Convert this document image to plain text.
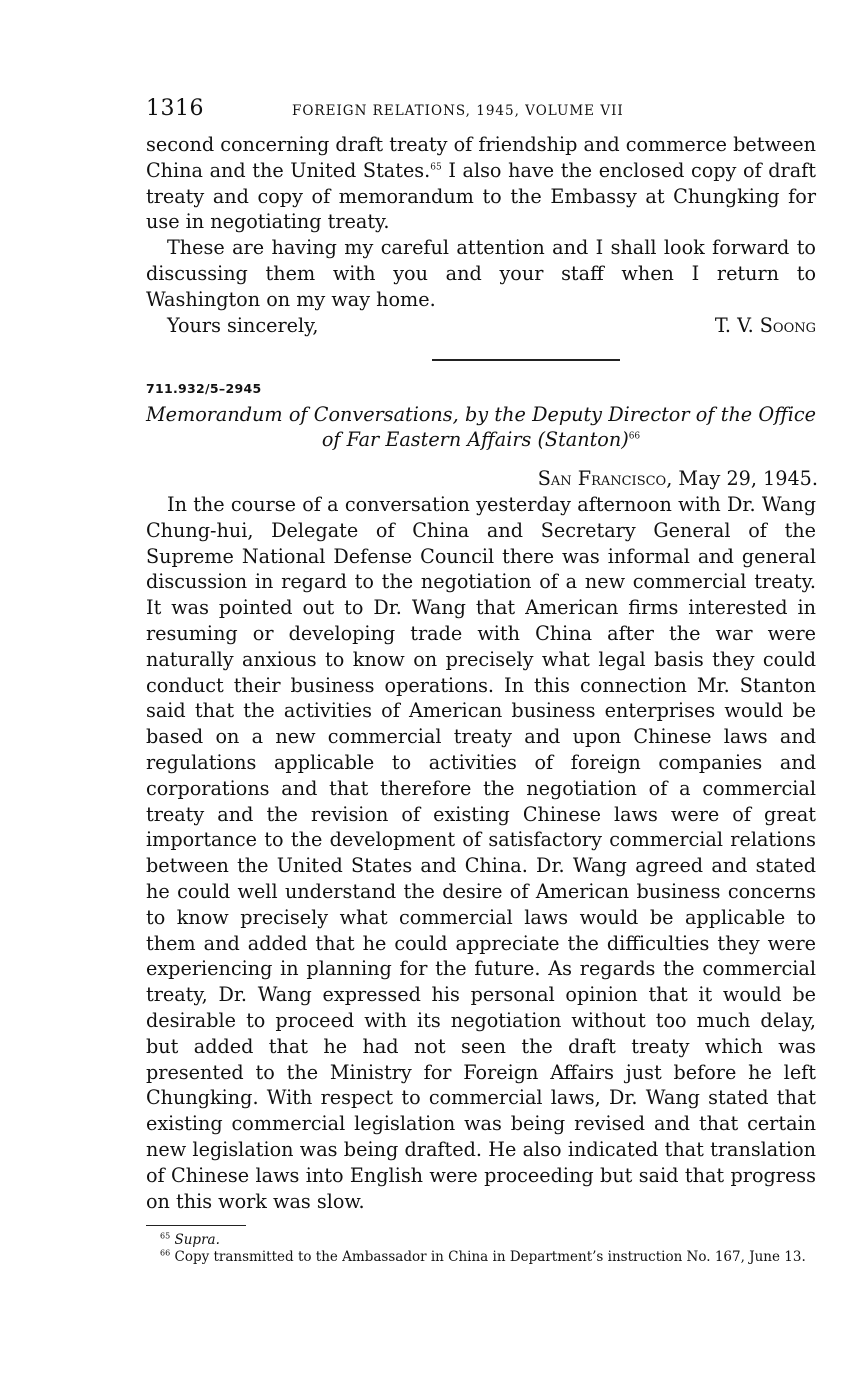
1316	FOREIGN RELATIONS, 1945, VOLUME VII

second concerning draft treaty of friendship and commerce between China and the United States.$^{65}$ I also have the enclosed copy of draft treaty and copy of memorandum to the Embassy at Chungking for use in negotiating treaty.

These are having my careful attention and I shall look forward to discussing them with you and your staff when I return to Washington on my way home.

Yours sincerely,	T. V. Soong
711.932/5–2945

Memorandum of Conversations, by the Deputy Director of the Office of Far Eastern Affairs (Stanton)$^{66}$

San Francisco, May 29, 1945.

In the course of a conversation yesterday afternoon with Dr. Wang Chung-hui, Delegate of China and Secretary General of the Supreme National Defense Council there was informal and general discussion in regard to the negotiation of a new commercial treaty. It was pointed out to Dr. Wang that American firms interested in resuming or developing trade with China after the war were naturally anxious to know on precisely what legal basis they could conduct their business operations. In this connection Mr. Stanton said that the activities of American business enterprises would be based on a new commercial treaty and upon Chinese laws and regulations applicable to activities of foreign companies and corporations and that therefore the negotiation of a commercial treaty and the revision of existing Chinese laws were of great importance to the development of satisfactory commercial relations between the United States and China. Dr. Wang agreed and stated he could well understand the desire of American business concerns to know precisely what commercial laws would be applicable to them and added that he could appreciate the difficulties they were experiencing in planning for the future. As regards the commercial treaty, Dr. Wang expressed his personal opinion that it would be desirable to proceed with its negotiation without too much delay, but added that he had not seen the draft treaty which was presented to the Ministry for Foreign Affairs just before he left Chungking. With respect to commercial laws, Dr. Wang stated that existing commercial legislation was being revised and that certain new legislation was being drafted. He also indicated that translation of Chinese laws into English were proceeding but said that progress on this work was slow.

$^{65}$ Supra.

$^{66}$ Copy transmitted to the Ambassador in China in Department’s instruction No. 167, June 13.
